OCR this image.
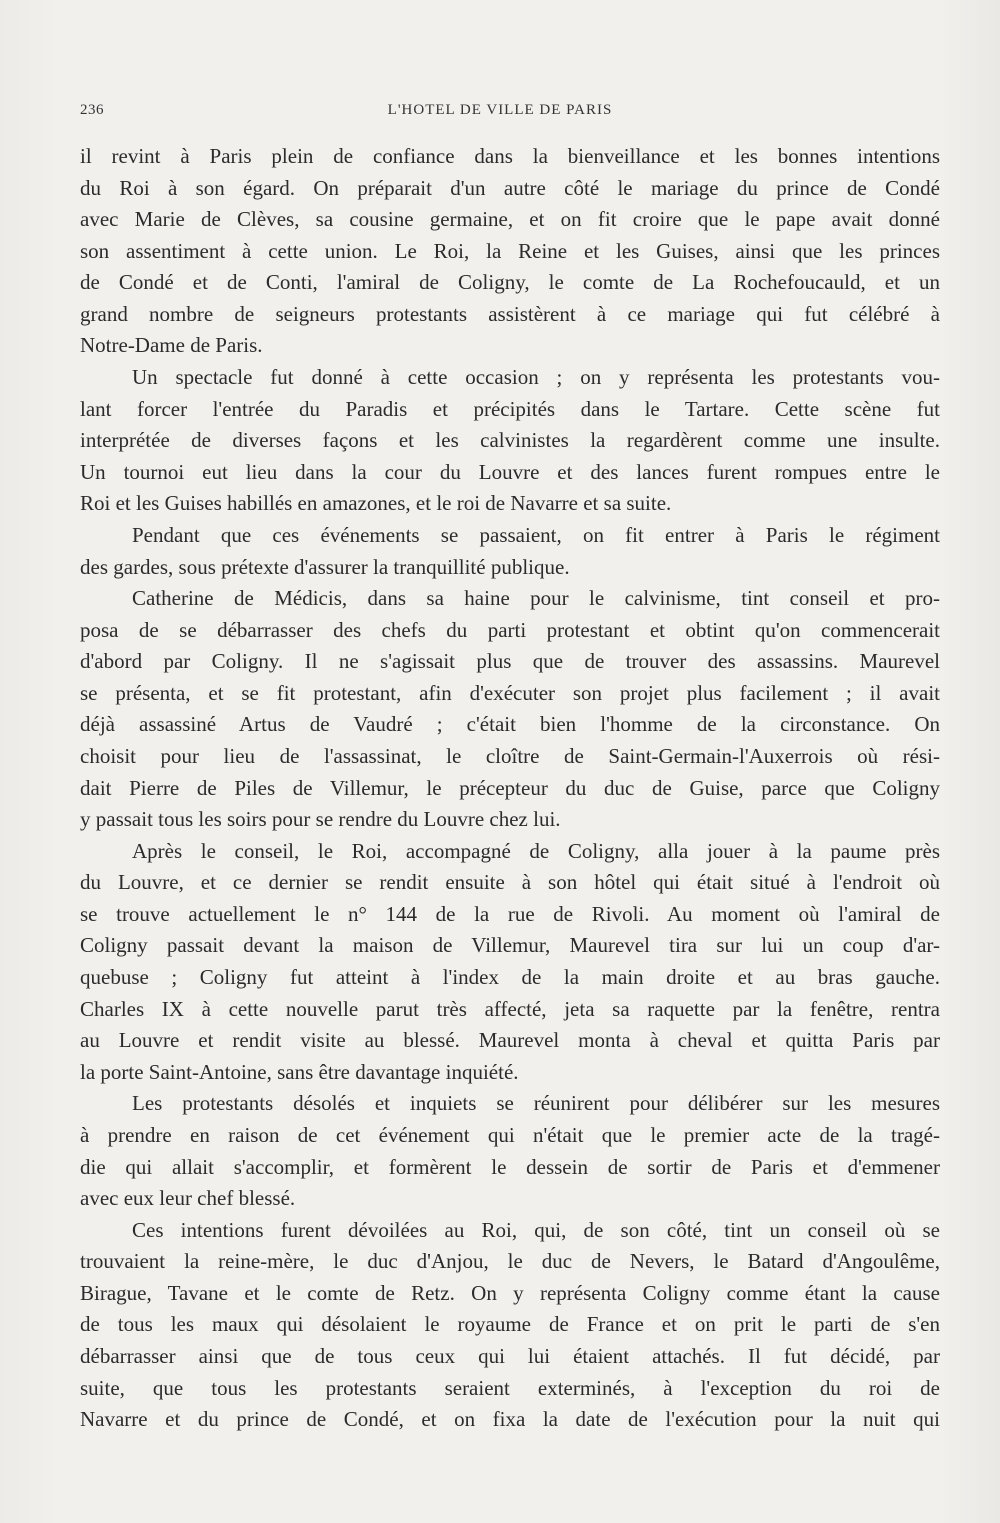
236	L'HOTEL DE VILLE DE PARIS
il revint à Paris plein de confiance dans la bienveillance et les bonnes intentions
du Roi à son égard. On préparait d'un autre côté le mariage du prince de Condé
avec Marie de Clèves, sa cousine germaine, et on fit croire que le pape avait donné
son assentiment à cette union. Le Roi, la Reine et les Guises, ainsi que les princes
de Condé et de Conti, l'amiral de Coligny, le comte de La Rochefoucauld, et un
grand nombre de seigneurs protestants assistèrent à ce mariage qui fut célébré à
Notre-Dame de Paris.
Un spectacle fut donné à cette occasion ; on y représenta les protestants vou-
lant forcer l'entrée du Paradis et précipités dans le Tartare. Cette scène fut
interprétée de diverses façons et les calvinistes la regardèrent comme une insulte.
Un tournoi eut lieu dans la cour du Louvre et des lances furent rompues entre le
Roi et les Guises habillés en amazones, et le roi de Navarre et sa suite.
Pendant que ces événements se passaient, on fit entrer à Paris le régiment
des gardes, sous prétexte d'assurer la tranquillité publique.
Catherine de Médicis, dans sa haine pour le calvinisme, tint conseil et pro-
posa de se débarrasser des chefs du parti protestant et obtint qu'on commencerait
d'abord par Coligny. Il ne s'agissait plus que de trouver des assassins. Maurevel
se présenta, et se fit protestant, afin d'exécuter son projet plus facilement ; il avait
déjà assassiné Artus de Vaudré ; c'était bien l'homme de la circonstance. On
choisit pour lieu de l'assassinat, le cloître de Saint-Germain-l'Auxerrois où rési-
dait Pierre de Piles de Villemur, le précepteur du duc de Guise, parce que Coligny
y passait tous les soirs pour se rendre du Louvre chez lui.
Après le conseil, le Roi, accompagné de Coligny, alla jouer à la paume près
du Louvre, et ce dernier se rendit ensuite à son hôtel qui était situé à l'endroit où
se trouve actuellement le n° 144 de la rue de Rivoli. Au moment où l'amiral de
Coligny passait devant la maison de Villemur, Maurevel tira sur lui un coup d'ar-
quebuse ; Coligny fut atteint à l'index de la main droite et au bras gauche.
Charles IX à cette nouvelle parut très affecté, jeta sa raquette par la fenêtre, rentra
au Louvre et rendit visite au blessé. Maurevel monta à cheval et quitta Paris par
la porte Saint-Antoine, sans être davantage inquiété.
Les protestants désolés et inquiets se réunirent pour délibérer sur les mesures
à prendre en raison de cet événement qui n'était que le premier acte de la tragé-
die qui allait s'accomplir, et formèrent le dessein de sortir de Paris et d'emmener
avec eux leur chef blessé.
Ces intentions furent dévoilées au Roi, qui, de son côté, tint un conseil où se
trouvaient la reine-mère, le duc d'Anjou, le duc de Nevers, le Batard d'Angoulême,
Birague, Tavane et le comte de Retz. On y représenta Coligny comme étant la cause
de tous les maux qui désolaient le royaume de France et on prit le parti de s'en
débarrasser ainsi que de tous ceux qui lui étaient attachés. Il fut décidé, par
suite, que tous les protestants seraient exterminés, à l'exception du roi de
Navarre et du prince de Condé, et on fixa la date de l'exécution pour la nuit qui
